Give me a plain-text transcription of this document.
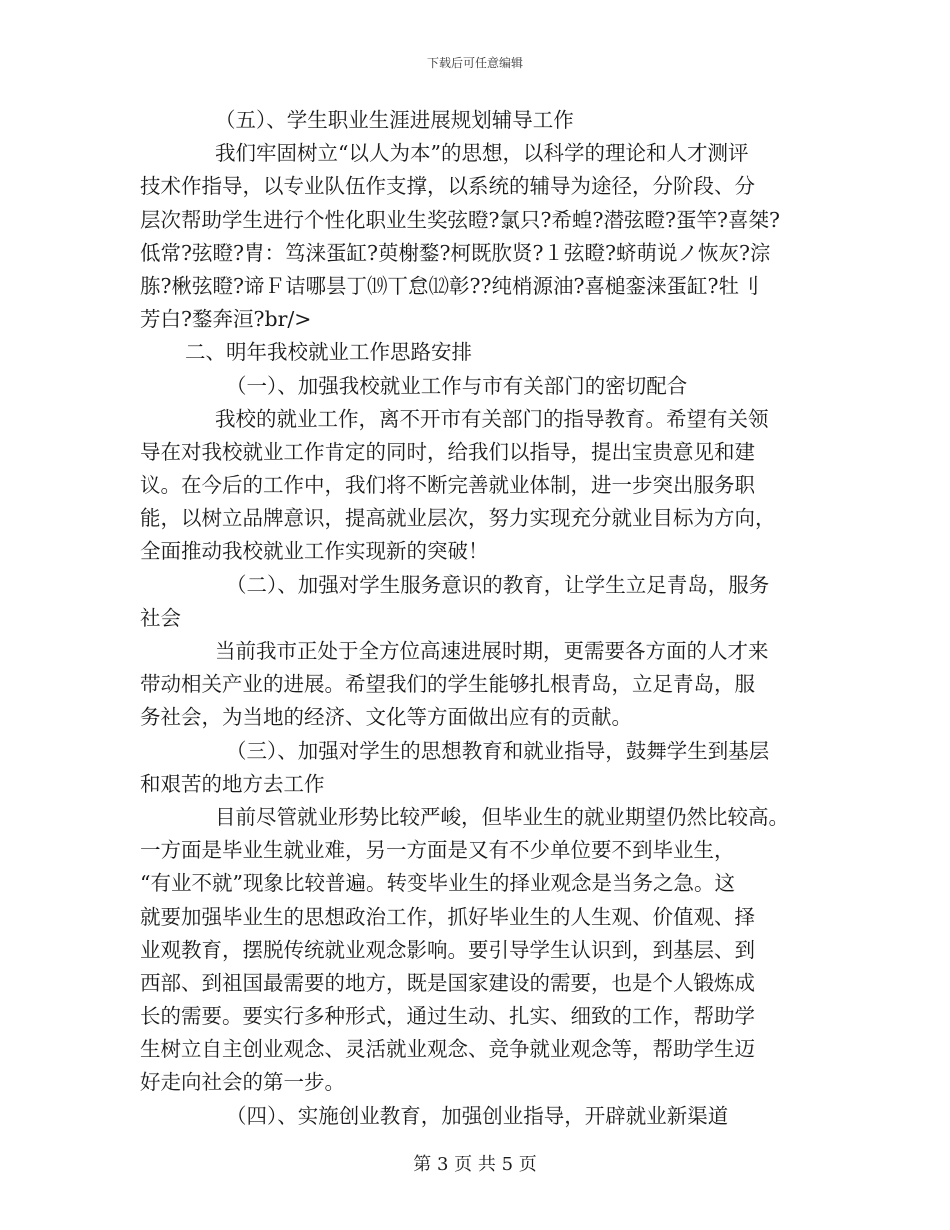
下载后可任意编辑
（五）、学生职业生涯进展规划辅导工作
我们牢固树立“以人为本”的思想，以科学的理论和人才测评
技术作指导，以专业队伍作支撑，以系统的辅导为途径，分阶段、分
层次帮助学生进行个性化职业生奖弦瞪?氯只?希蝗?潜弦瞪?蛋竿?喜桀?
低常?弦瞪?胄：笃涞蛋缸?萸榭鍪?柯既肷贤?１弦瞪?蛴萌说ノ恢灰?淙
胨?楸弦瞪?谛Ｆ诘哪昙丁⒆丅怠⑿彰??纯梢源油?喜槌銮涞蛋缸?牡刂
芳白?鍪奔洹?br/>
二、明年我校就业工作思路安排
（一）、加强我校就业工作与市有关部门的密切配合
我校的就业工作，离不开市有关部门的指导教育。希望有关领
导在对我校就业工作肯定的同时，给我们以指导，提出宝贵意见和建
议。在今后的工作中，我们将不断完善就业体制，进一步突出服务职
能，以树立品牌意识，提高就业层次，努力实现充分就业目标为方向，
全面推动我校就业工作实现新的突破！
（二）、加强对学生服务意识的教育，让学生立足青岛，服务
社会
当前我市正处于全方位高速进展时期，更需要各方面的人才来
带动相关产业的进展。希望我们的学生能够扎根青岛，立足青岛，服
务社会，为当地的经济、文化等方面做出应有的贡献。
（三）、加强对学生的思想教育和就业指导，鼓舞学生到基层
和艰苦的地方去工作
目前尽管就业形势比较严峻，但毕业生的就业期望仍然比较高。
一方面是毕业生就业难，另一方面是又有不少单位要不到毕业生，
“有业不就”现象比较普遍。转变毕业生的择业观念是当务之急。这
就要加强毕业生的思想政治工作，抓好毕业生的人生观、价值观、择
业观教育，摆脱传统就业观念影响。要引导学生认识到，到基层、到
西部、到祖国最需要的地方，既是国家建设的需要，也是个人锻炼成
长的需要。要实行多种形式，通过生动、扎实、细致的工作，帮助学
生树立自主创业观念、灵活就业观念、竞争就业观念等，帮助学生迈
好走向社会的第一步。
（四）、实施创业教育，加强创业指导，开辟就业新渠道
第 3 页 共 5 页
